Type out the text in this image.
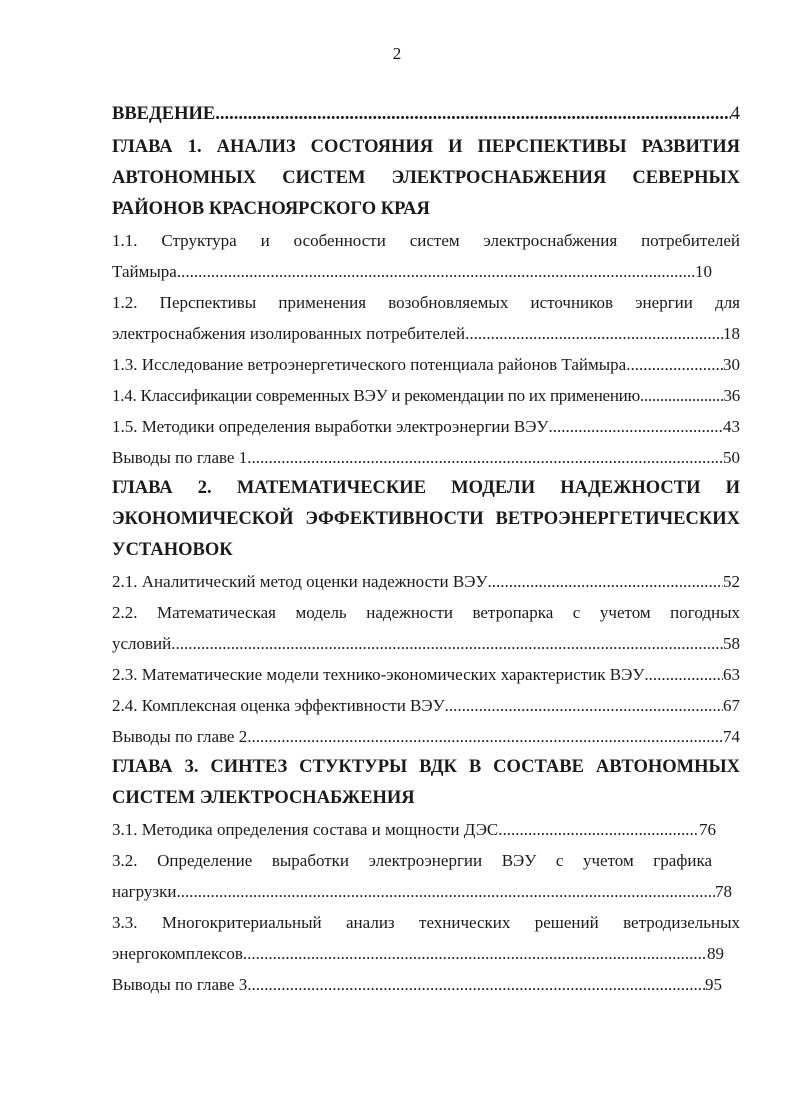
2
ВВЕДЕНИЕ .....	4
ГЛАВА 1. АНАЛИЗ СОСТОЯНИЯ И ПЕРСПЕКТИВЫ РАЗВИТИЯ
АВТОНОМНЫХ СИСТЕМ ЭЛЕКТРОСНАБЖЕНИЯ СЕВЕРНЫХ
РАЙОНОВ КРАСНОЯРСКОГО КРАЯ
1.1. Структура и особенности систем электроснабжения потребителей
Таймыра .....	10
1.2. Перспективы применения возобновляемых источников энергии для
электроснабжения изолированных потребителей .....	18
1.3. Исследование ветроэнергетического потенциала районов Таймыра .....	30
1.4. Классификации современных ВЭУ и рекомендации по их применению .....	36
1.5. Методики определения выработки электроэнергии ВЭУ .....	43
Выводы по главе 1 .....	50
ГЛАВА 2. МАТЕМАТИЧЕСКИЕ МОДЕЛИ НАДЕЖНОСТИ И
ЭКОНОМИЧЕСКОЙ ЭФФЕКТИВНОСТИ ВЕТРОЭНЕРГЕТИЧЕСКИХ
УСТАНОВОК
2.1. Аналитический метод оценки надежности ВЭУ .....	52
2.2. Математическая модель надежности ветропарка с учетом погодных
условий .....	58
2.3. Математические модели технико-экономических характеристик ВЭУ .....	63
2.4. Комплексная оценка эффективности ВЭУ .....	67
Выводы по главе 2 .....	74
ГЛАВА 3. СИНТЕЗ СТУКТУРЫ ВДК В СОСТАВЕ АВТОНОМНЫХ
СИСТЕМ ЭЛЕКТРОСНАБЖЕНИЯ
3.1. Методика определения состава и мощности ДЭС .....	76
3.2. Определение выработки электроэнергии ВЭУ с учетом графика
нагрузки .....	78
3.3. Многокритериальный анализ технических решений ветродизельных
энергокомплексов .....	89
Выводы по главе 3 .....	95
